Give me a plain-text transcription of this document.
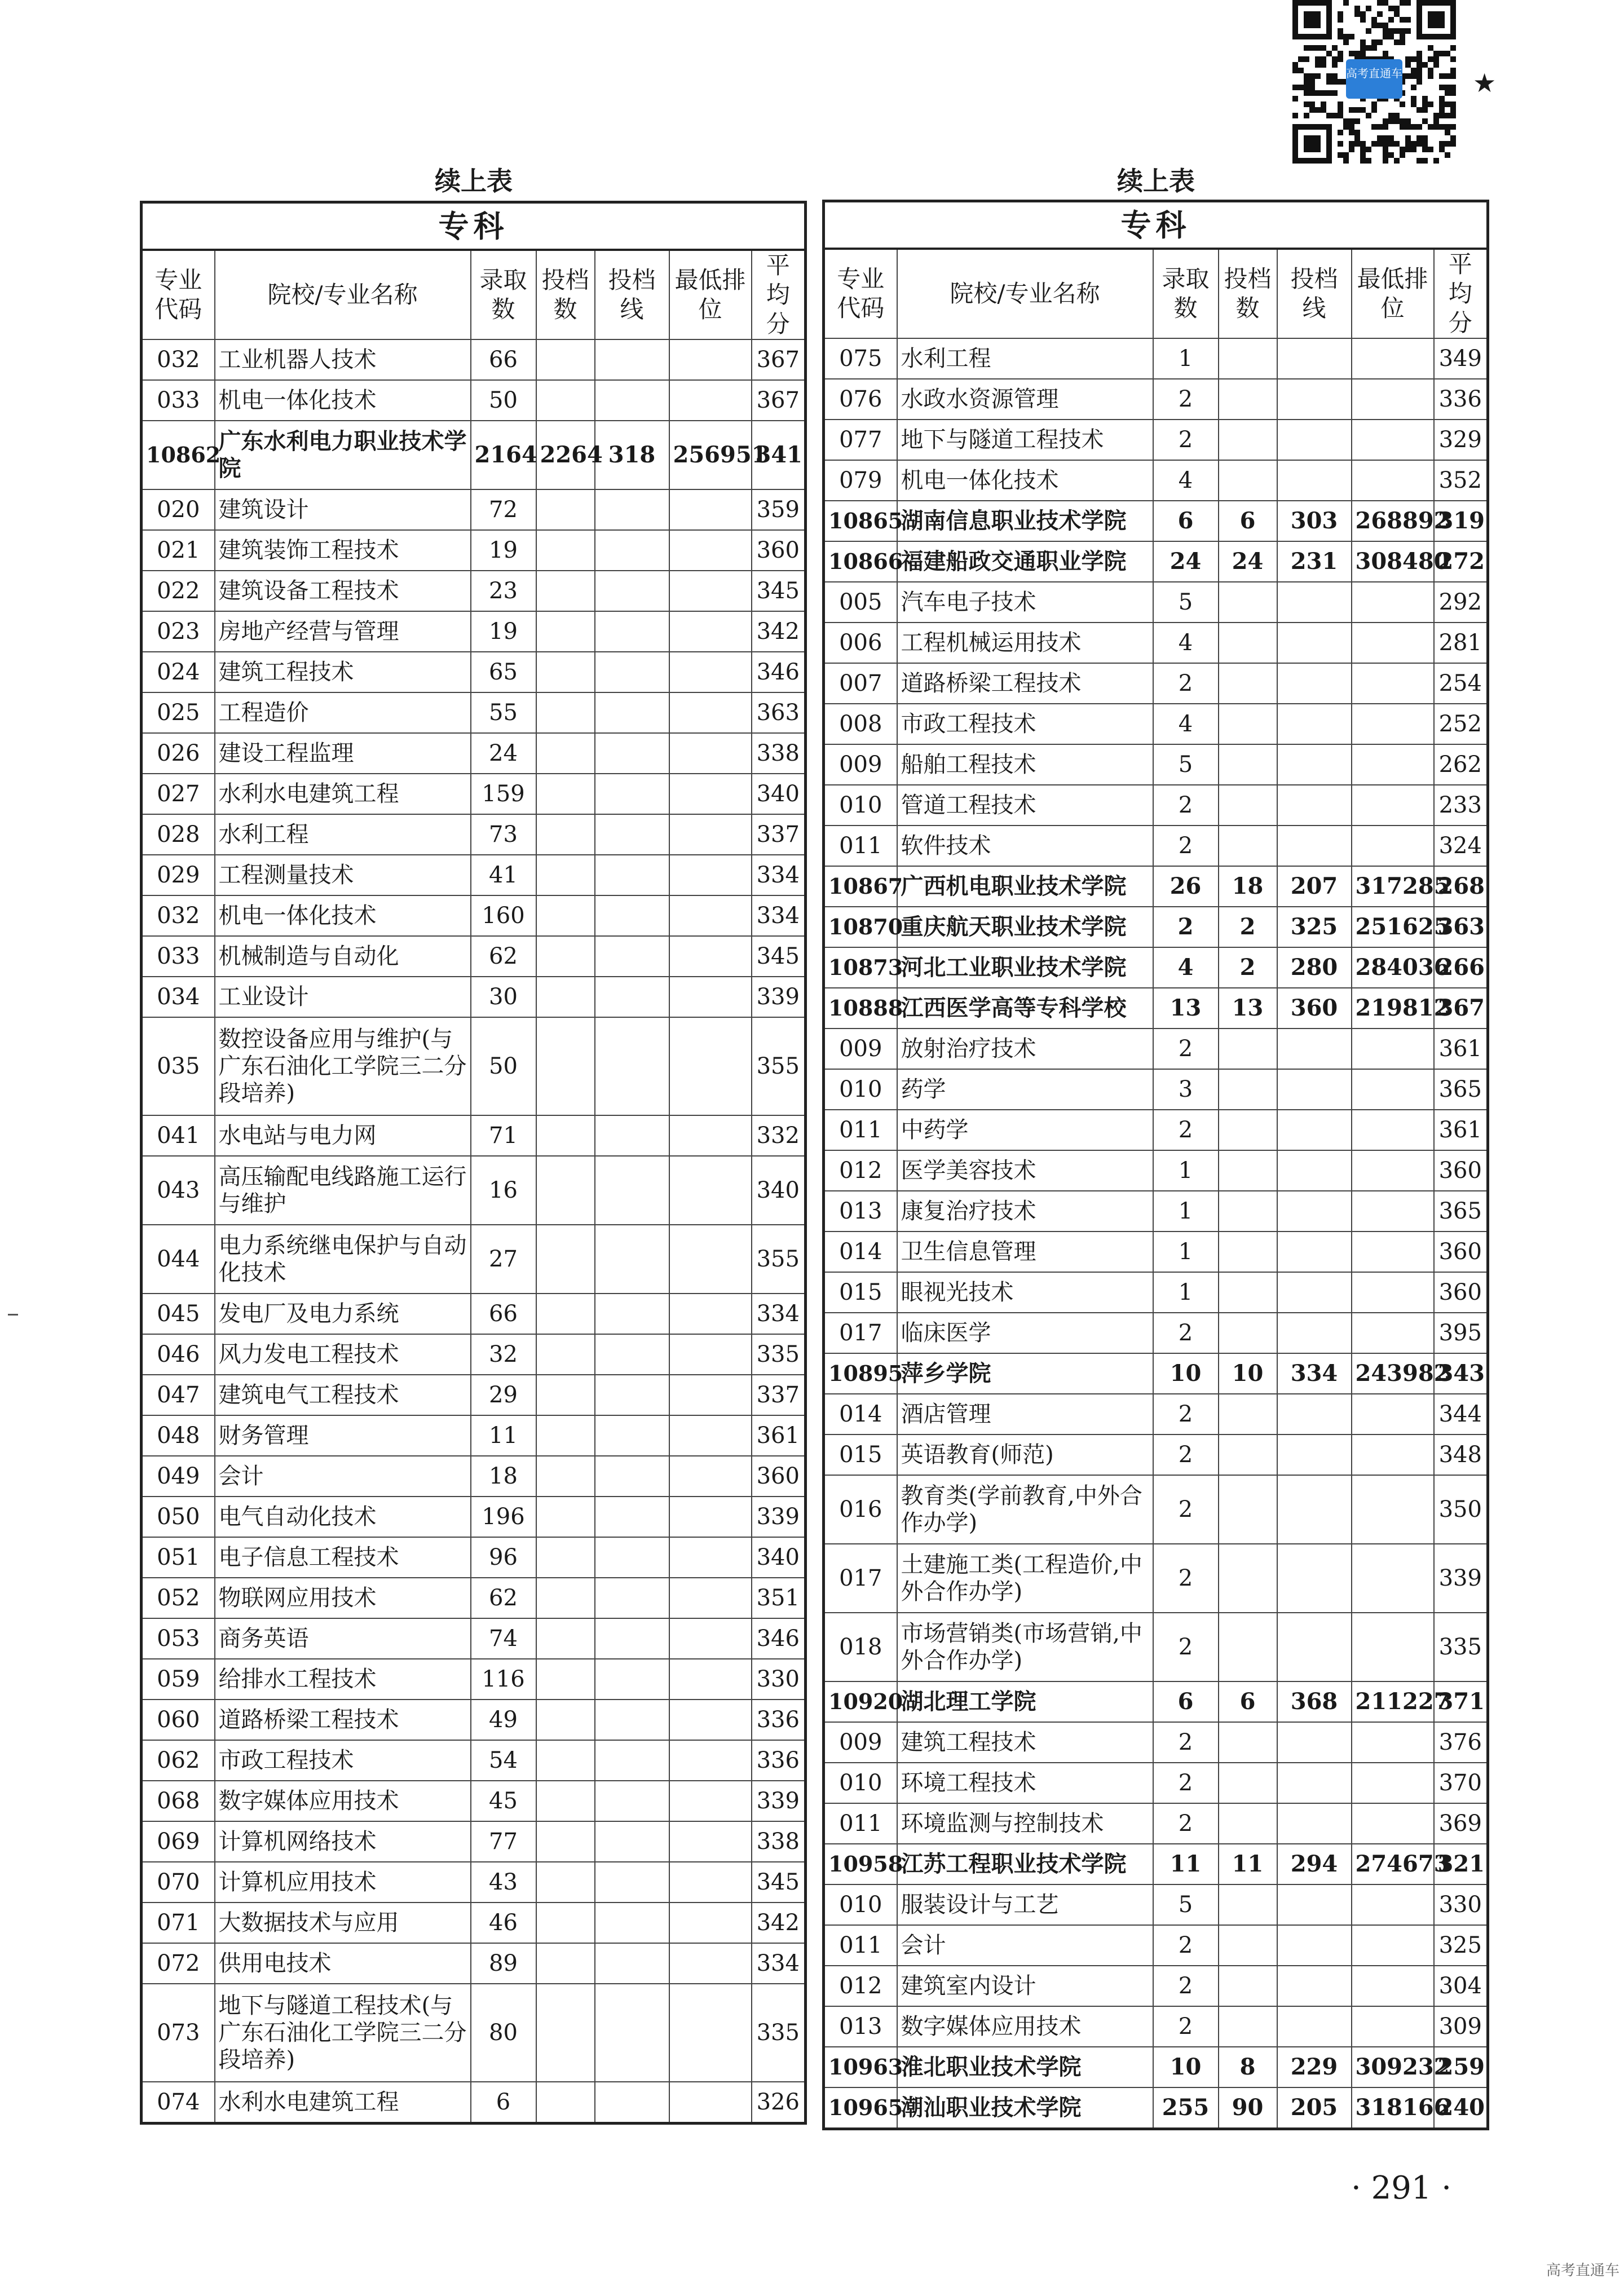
高考直通车	★
续上表	续上表
专科						
专业代码	院校/专业名称	录取数	投档数	投档线	最低排位	平均分
032	工业机器人技术	66				367
033	机电一体化技术	50				367
10862	广东水利电力职业技术学院	2164	2264	318	256951	341
020	建筑设计	72				359
021	建筑装饰工程技术	19				360
022	建筑设备工程技术	23				345
023	房地产经营与管理	19				342
024	建筑工程技术	65				346
025	工程造价	55				363
026	建设工程监理	24				338
027	水利水电建筑工程	159				340
028	水利工程	73				337
029	工程测量技术	41				334
032	机电一体化技术	160				334
033	机械制造与自动化	62				345
034	工业设计	30				339
035	数控设备应用与维护(与广东石油化工学院三二分段培养)	50				355
041	水电站与电力网	71				332
043	高压输配电线路施工运行与维护	16				340
044	电力系统继电保护与自动化技术	27				355
045	发电厂及电力系统	66				334
046	风力发电工程技术	32				335
047	建筑电气工程技术	29				337
048	财务管理	11				361
049	会计	18				360
050	电气自动化技术	196				339
051	电子信息工程技术	96				340
052	物联网应用技术	62				351
053	商务英语	74				346
059	给排水工程技术	116				330
060	道路桥梁工程技术	49				336
062	市政工程技术	54				336
068	数字媒体应用技术	45				339
069	计算机网络技术	77				338
070	计算机应用技术	43				345
071	大数据技术与应用	46				342
072	供用电技术	89				334
073	地下与隧道工程技术(与广东石油化工学院三二分段培养)	80				335
074	水利水电建筑工程	6				326
专科						
专业代码	院校/专业名称	录取数	投档数	投档线	最低排位	平均分
075	水利工程	1				349
076	水政水资源管理	2				336
077	地下与隧道工程技术	2				329
079	机电一体化技术	4				352
10865	湖南信息职业技术学院	6	6	303	268892	319
10866	福建船政交通职业学院	24	24	231	308480	272
005	汽车电子技术	5				292
006	工程机械运用技术	4				281
007	道路桥梁工程技术	2				254
008	市政工程技术	4				252
009	船舶工程技术	5				262
010	管道工程技术	2				233
011	软件技术	2				324
10867	广西机电职业技术学院	26	18	207	317285	268
10870	重庆航天职业技术学院	2	2	325	251625	363
10873	河北工业职业技术学院	4	2	280	284036	266
10888	江西医学高等专科学校	13	13	360	219812	367
009	放射治疗技术	2				361
010	药学	3				365
011	中药学	2				361
012	医学美容技术	1				360
013	康复治疗技术	1				365
014	卫生信息管理	1				360
015	眼视光技术	1				360
017	临床医学	2				395
10895	萍乡学院	10	10	334	243982	343
014	酒店管理	2				344
015	英语教育(师范)	2				348
016	教育类(学前教育,中外合作办学)	2				350
017	土建施工类(工程造价,中外合作办学)	2				339
018	市场营销类(市场营销,中外合作办学)	2				335
10920	湖北理工学院	6	6	368	211227	371
009	建筑工程技术	2				376
010	环境工程技术	2				370
011	环境监测与控制技术	2				369
10958	江苏工程职业技术学院	11	11	294	274673	321
010	服装设计与工艺	5				330
011	会计	2				325
012	建筑室内设计	2				304
013	数字媒体应用技术	2				309
10963	淮北职业技术学院	10	8	229	309232	259
10965	潮汕职业技术学院	255	90	205	318166	240
· 291 ·
高考直通车
